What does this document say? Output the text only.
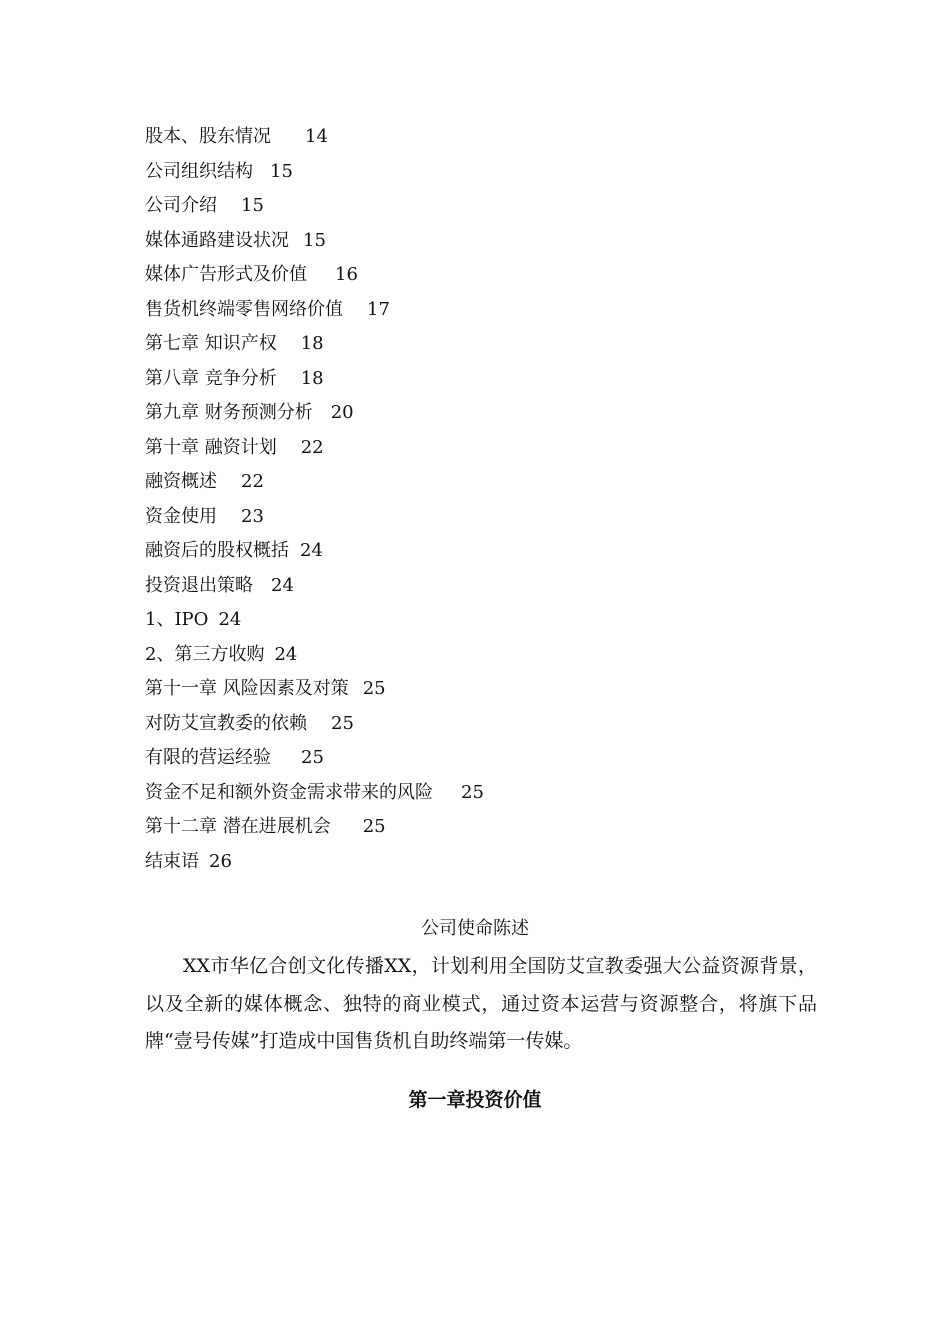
股本、股东情况 14
公司组织结构 15
公司介绍 15
媒体通路建设状况 15
媒体广告形式及价值 16
售货机终端零售网络价值 17
第七章 知识产权 18
第八章 竞争分析 18
第九章 财务预测分析 20
第十章 融资计划 22
融资概述 22
资金使用 23
融资后的股权概括 24
投资退出策略 24
1、IPO 24
2、第三方收购 24
第十一章 风险因素及对策 25
对防艾宣教委的依赖 25
有限的营运经验 25
资金不足和额外资金需求带来的风险 25
第十二章 潜在进展机会 25
结束语 26
公司使命陈述

XX市华亿合创文化传播XX，计划利用全国防艾宣教委强大公益资源背景，以及全新的媒体概念、独特的商业模式，通过资本运营与资源整合，将旗下品牌“壹号传媒”打造成中国售货机自助终端第一传媒。

第一章投资价值
